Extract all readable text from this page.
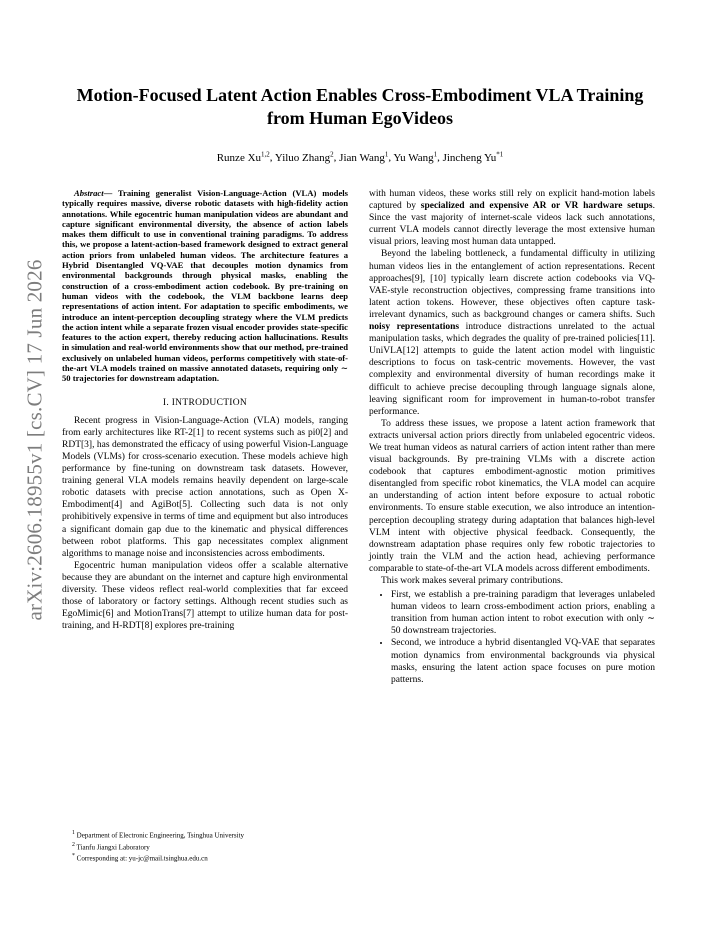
arXiv:2606.18955v1 [cs.CV] 17 Jun 2026
Motion-Focused Latent Action Enables Cross-Embodiment VLA Training from Human EgoVideos
Runze Xu$^{1,2}$, Yiluo Zhang$^2$, Jian Wang$^1$, Yu Wang$^1$, Jincheng Yu$^{*1}$

Abstract— Training generalist Vision-Language-Action (VLA) models typically requires massive, diverse robotic datasets with high-fidelity action annotations. While egocentric human manipulation videos are abundant and capture significant environmental diversity, the absence of action labels makes them difficult to use in conventional training paradigms. To address this, we propose a latent-action-based framework designed to extract general action priors from unlabeled human videos. The architecture features a Hybrid Disentangled VQ-VAE that decouples motion dynamics from environmental backgrounds through physical masks, enabling the construction of a cross-embodiment action codebook. By pre-training on human videos with the codebook, the VLM backbone learns deep representations of action intent. For adaptation to specific embodiments, we introduce an intent-perception decoupling strategy where the VLM predicts the action intent while a separate frozen visual encoder provides state-specific features to the action expert, thereby reducing action hallucinations. Results in simulation and real-world environments show that our method, pre-trained exclusively on unlabeled human videos, performs competitively with state-of-the-art VLA models trained on massive annotated datasets, requiring only ∼ 50 trajectories for downstream adaptation.

I. INTRODUCTION

Recent progress in Vision-Language-Action (VLA) models, ranging from early architectures like RT-2[1] to recent systems such as pi0[2] and RDT[3], has demonstrated the efficacy of using powerful Vision-Language Models (VLMs) for cross-scenario execution. These models achieve high performance by fine-tuning on downstream task datasets. However, training general VLA models remains heavily dependent on large-scale robotic datasets with precise action annotations, such as Open X-Embodiment[4] and AgiBot[5]. Collecting such data is not only prohibitively expensive in terms of time and equipment but also introduces a significant domain gap due to the kinematic and physical differences between robot platforms. This gap necessitates complex alignment algorithms to manage noise and inconsistencies across embodiments.

Egocentric human manipulation videos offer a scalable alternative because they are abundant on the internet and capture high environmental diversity. These videos reflect real-world complexities that far exceed those of laboratory or factory settings. Although recent studies such as EgoMimic[6] and MotionTrans[7] attempt to utilize human data for post-training, and H-RDT[8] explores pre-training

with human videos, these works still rely on explicit hand-motion labels captured by specialized and expensive AR or VR hardware setups. Since the vast majority of internet-scale videos lack such annotations, current VLA models cannot directly leverage the most extensive human visual priors, leaving most human data untapped.

Beyond the labeling bottleneck, a fundamental difficulty in utilizing human videos lies in the entanglement of action representations. Recent approaches[9], [10] typically learn discrete action codebooks via VQ-VAE-style reconstruction objectives, compressing frame transitions into latent action tokens. However, these objectives often capture task-irrelevant dynamics, such as background changes or camera shifts. Such noisy representations introduce distractions unrelated to the actual manipulation tasks, which degrades the quality of pre-trained policies[11]. UniVLA[12] attempts to guide the latent action model with linguistic descriptions to focus on task-centric movements. However, the vast complexity and environmental diversity of human recordings make it difficult to achieve precise decoupling through language signals alone, leaving significant room for improvement in human-to-robot transfer performance.

To address these issues, we propose a latent action framework that extracts universal action priors directly from unlabeled egocentric videos. We treat human videos as natural carriers of action intent rather than mere visual backgrounds. By pre-training VLMs with a discrete action codebook that captures embodiment-agnostic motion primitives disentangled from specific robot kinematics, the VLA model can acquire an understanding of action intent before exposure to actual robotic environments. To ensure stable execution, we also introduce an intention-perception decoupling strategy during adaptation that balances high-level VLM intent with objective physical feedback. Consequently, the downstream adaptation phase requires only few robotic trajectories to jointly train the VLM and the action head, achieving performance comparable to state-of-the-art VLA models across different embodiments.

This work makes several primary contributions.

• First, we establish a pre-training paradigm that leverages unlabeled human videos to learn cross-embodiment action priors, enabling a transition from human action intent to robot execution with only ∼ 50 downstream trajectories.
• Second, we introduce a hybrid disentangled VQ-VAE that separates motion dynamics from environmental backgrounds via physical masks, ensuring the latent action space focuses on pure motion patterns.
$^1$ Department of Electronic Engineering, Tsinghua University
$^2$ Tianfu Jiangxi Laboratory
* Corresponding at: yu-jc@mail.tsinghua.edu.cn
